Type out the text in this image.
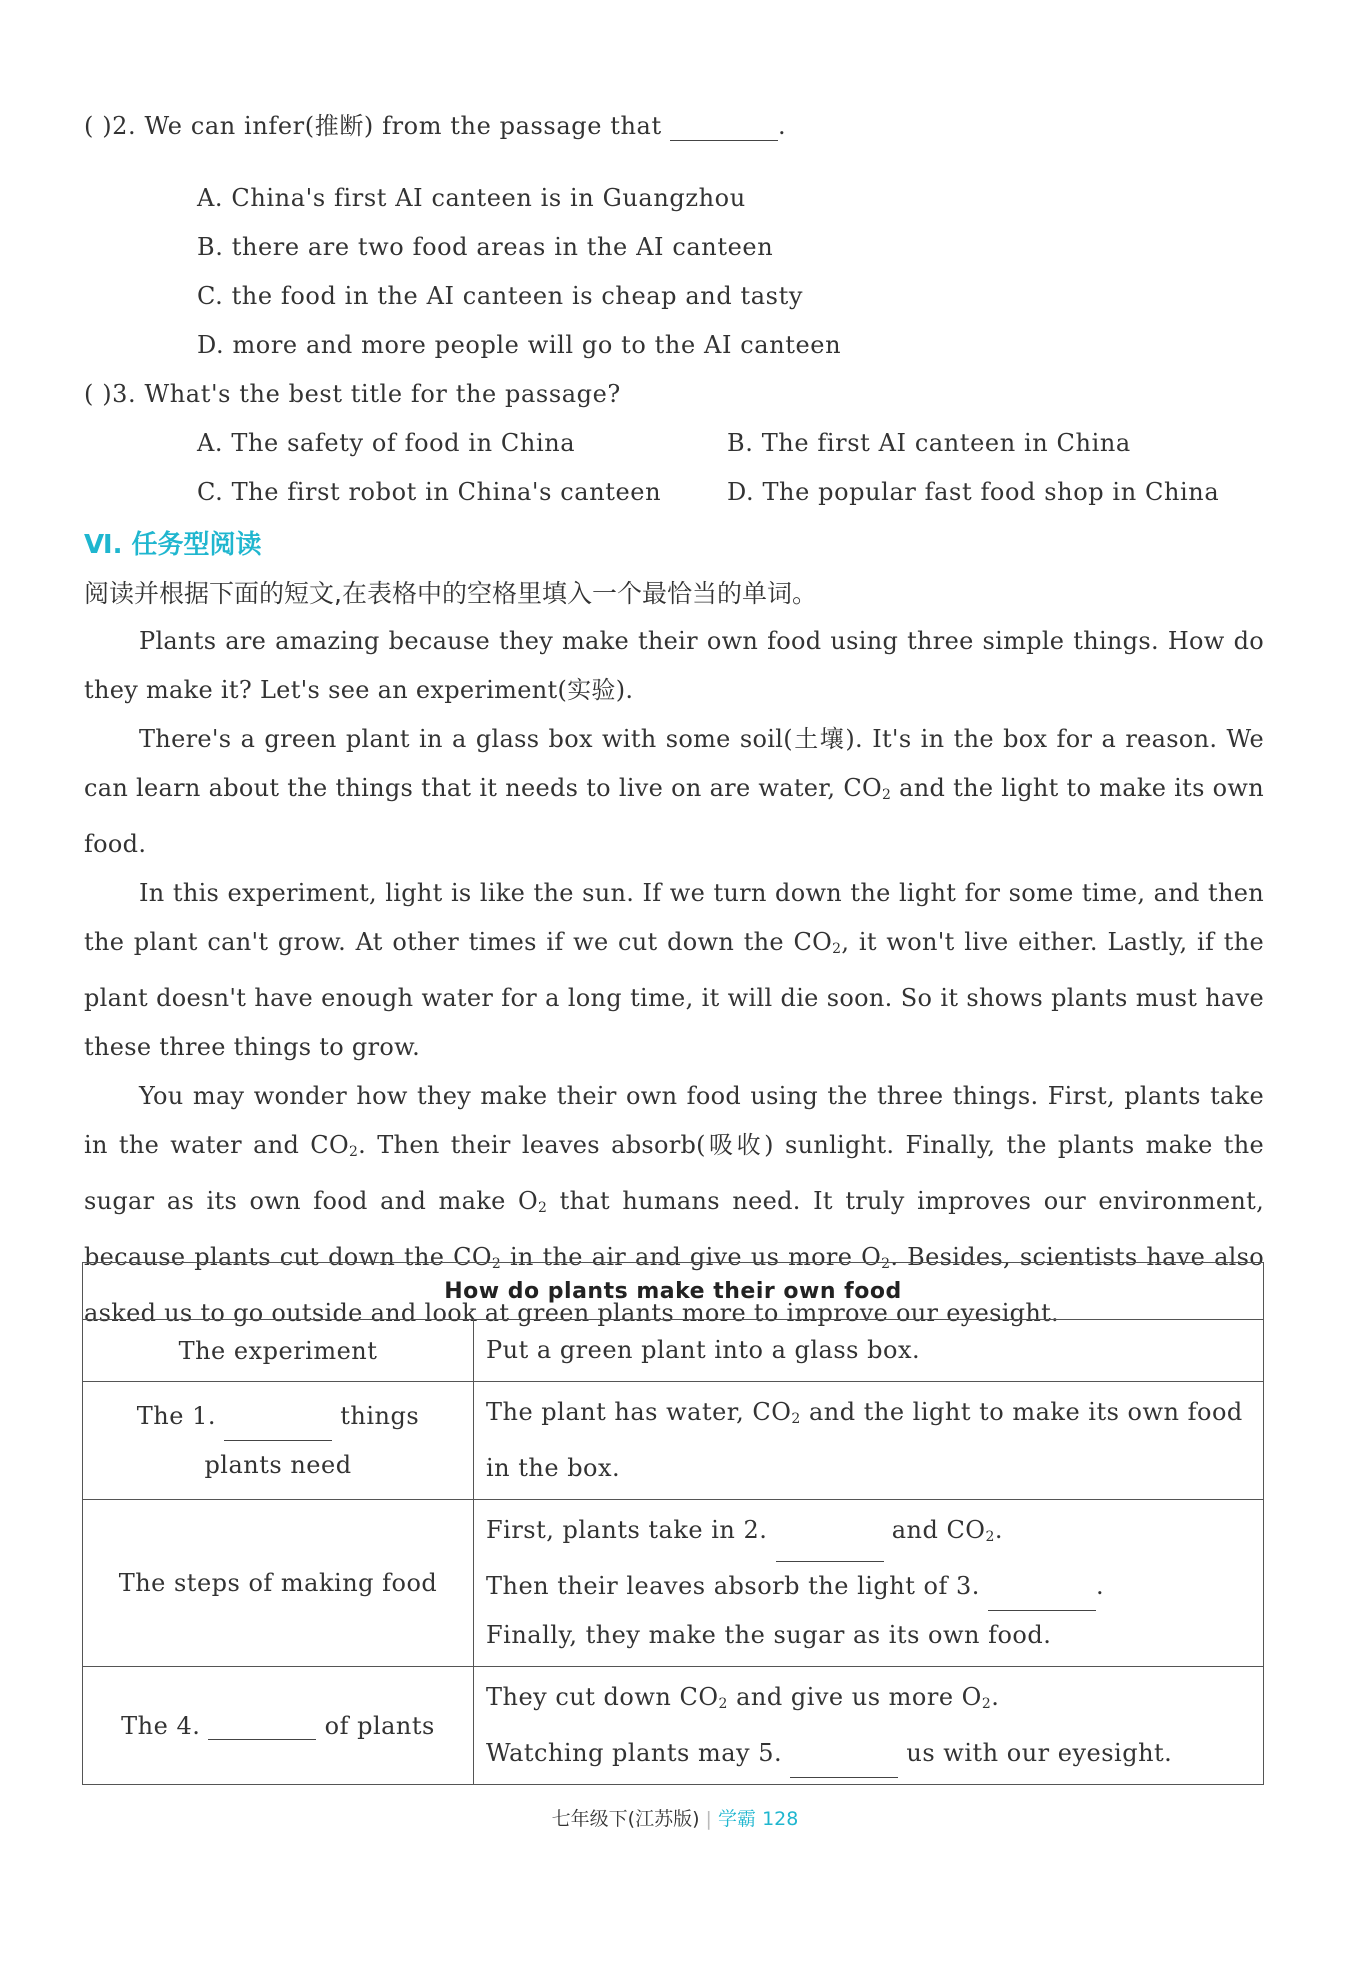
( )2. We can infer(推断) from the passage that	.
A. China's first AI canteen is in Guangzhou
B. there are two food areas in the AI canteen
C. the food in the AI canteen is cheap and tasty
D. more and more people will go to the AI canteen
( )3. What's the best title for the passage?
A. The safety of food in China	B. The first AI canteen in China
C. The first robot in China's canteen	D. The popular fast food shop in China
Ⅵ. 任务型阅读
阅读并根据下面的短文,在表格中的空格里填入一个最恰当的单词。

Plants are amazing because they make their own food using three simple things. How do they make it? Let's see an experiment(实验).

There's a green plant in a glass box with some soil(土壤). It's in the box for a reason. We can learn about the things that it needs to live on are water, $CO_2$ and the light to make its own food.

In this experiment, light is like the sun. If we turn down the light for some time, and then the plant can't grow. At other times if we cut down the $CO_2$, it won't live either. Lastly, if the plant doesn't have enough water for a long time, it will die soon. So it shows plants must have these three things to grow.

You may wonder how they make their own food using the three things. First, plants take in the water and $CO_2$. Then their leaves absorb(吸收) sunlight. Finally, the plants make the sugar as its own food and make $O_2$ that humans need. It truly improves our environment, because plants cut down the $CO_2$ in the air and give us more $O_2$. Besides, scientists have also asked us to go outside and look at green plants more to improve our eyesight.

How do plants make their own food	
The experiment	Put a green plant into a glass box.
The 1. things
plants need	The plant has water, $CO_2$ and the light to make its own food in the box.
The steps of making food	First, plants take in 2. and $CO_2$.
Then their leaves absorb the light of 3. .
Finally, they make the sugar as its own food.

The 4. of plants	They cut down $CO_2$ and give us more $O_2$.
Watching plants may 5. us with our eyesight.
七年级下(江苏版) | 学霸 128
